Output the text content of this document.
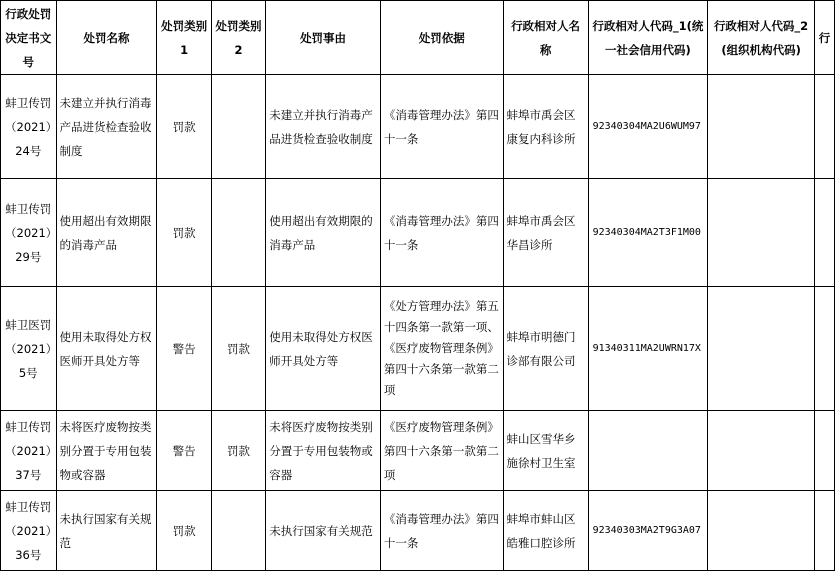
行政处罚决定书文号	处罚名称	处罚类别1	处罚类别2	处罚事由	处罚依据	行政相对人名称	行政相对人代码_1(统一社会信用代码)	行政相对人代码_2(组织机构代码)	行
蚌卫传罚（2021）24号	未建立并执行消毒产品进货检查验收制度	罚款		未建立并执行消毒产品进货检查验收制度	《消毒管理办法》第四十一条	蚌埠市禹会区康复内科诊所	92340304MA2U6WUM97		
蚌卫传罚（2021）29号	使用超出有效期限的消毒产品	罚款		使用超出有效期限的消毒产品	《消毒管理办法》第四十一条	蚌埠市禹会区华昌诊所	92340304MA2T3F1M00		
蚌卫医罚（2021）5号	使用未取得处方权医师开具处方等	警告	罚款	使用未取得处方权医师开具处方等	《处方管理办法》第五十四条第一款第一项、《医疗废物管理条例》第四十六条第一款第二项	蚌埠市明德门诊部有限公司	91340311MA2UWRN17X		
蚌卫传罚（2021）37号	未将医疗废物按类别分置于专用包装物或容器	警告	罚款	未将医疗废物按类别分置于专用包装物或容器	《医疗废物管理条例》第四十六条第一款第二项	蚌山区雪华乡施徐村卫生室			
蚌卫传罚（2021）36号	未执行国家有关规范	罚款		未执行国家有关规范	《消毒管理办法》第四十一条	蚌埠市蚌山区皓雅口腔诊所	92340303MA2T9G3A07		
